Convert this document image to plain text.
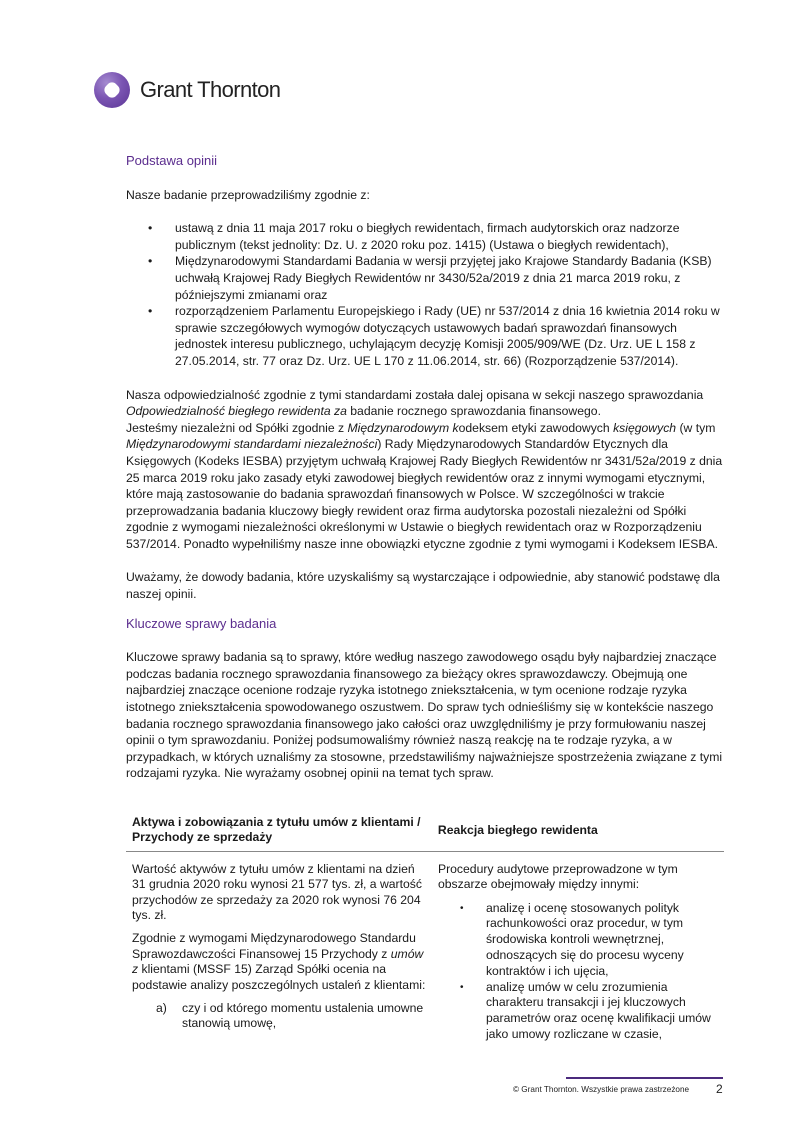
Grant Thornton
Podstawa opinii

Nasze badanie przeprowadziliśmy zgodnie z:

• ustawą z dnia 11 maja 2017 roku o biegłych rewidentach, firmach audytorskich oraz nadzorze publicznym (tekst jednolity: Dz. U. z 2020 roku poz. 1415) (Ustawa o biegłych rewidentach),
• Międzynarodowymi Standardami Badania w wersji przyjętej jako Krajowe Standardy Badania (KSB) uchwałą Krajowej Rady Biegłych Rewidentów nr 3430/52a/2019 z dnia 21 marca 2019 roku, z późniejszymi zmianami oraz
• rozporządzeniem Parlamentu Europejskiego i Rady (UE) nr 537/2014 z dnia 16 kwietnia 2014 roku w sprawie szczegółowych wymogów dotyczących ustawowych badań sprawozdań finansowych jednostek interesu publicznego, uchylającym decyzję Komisji 2005/909/WE (Dz. Urz. UE L 158 z 27.05.2014, str. 77 oraz Dz. Urz. UE L 170 z 11.06.2014, str. 66) (Rozporządzenie 537/2014).

Nasza odpowiedzialność zgodnie z tymi standardami została dalej opisana w sekcji naszego sprawozdania Odpowiedzialność biegłego rewidenta za badanie rocznego sprawozdania finansowego.

Jesteśmy niezależni od Spółki zgodnie z Międzynarodowym kodeksem etyki zawodowych księgowych (w tym Międzynarodowymi standardami niezależności) Rady Międzynarodowych Standardów Etycznych dla Księgowych (Kodeks IESBA) przyjętym uchwałą Krajowej Rady Biegłych Rewidentów nr 3431/52a/2019 z dnia 25 marca 2019 roku jako zasady etyki zawodowej biegłych rewidentów oraz z innymi wymogami etycznymi, które mają zastosowanie do badania sprawozdań finansowych w Polsce. W szczególności w trakcie przeprowadzania badania kluczowy biegły rewident oraz firma audytorska pozostali niezależni od Spółki zgodnie z wymogami niezależności określonymi w Ustawie o biegłych rewidentach oraz w Rozporządzeniu 537/2014. Ponadto wypełniliśmy nasze inne obowiązki etyczne zgodnie z tymi wymogami i Kodeksem IESBA.

Uważamy, że dowody badania, które uzyskaliśmy są wystarczające i odpowiednie, aby stanowić podstawę dla naszej opinii.

Kluczowe sprawy badania

Kluczowe sprawy badania są to sprawy, które według naszego zawodowego osądu były najbardziej znaczące podczas badania rocznego sprawozdania finansowego za bieżący okres sprawozdawczy. Obejmują one najbardziej znaczące ocenione rodzaje ryzyka istotnego zniekształcenia, w tym ocenione rodzaje ryzyka istotnego zniekształcenia spowodowanego oszustwem. Do spraw tych odnieśliśmy się w kontekście naszego badania rocznego sprawozdania finansowego jako całości oraz uwzględniliśmy je przy formułowaniu naszej opinii o tym sprawozdaniu. Poniżej podsumowaliśmy również naszą reakcję na te rodzaje ryzyka, a w przypadkach, w których uznaliśmy za stosowne, przedstawiliśmy najważniejsze spostrzeżenia związane z tymi rodzajami ryzyka. Nie wyrażamy osobnej opinii na temat tych spraw.

Aktywa i zobowiązania z tytułu umów z klientami / Przychody ze sprzedaży
Reakcja biegłego rewidenta

Wartość aktywów z tytułu umów z klientami na dzień 31 grudnia 2020 roku wynosi 21 577 tys. zł, a wartość przychodów ze sprzedaży za 2020 rok wynosi 76 204 tys. zł.

Zgodnie z wymogami Międzynarodowego Standardu Sprawozdawczości Finansowej 15 Przychody z umów z klientami (MSSF 15) Zarząd Spółki ocenia na podstawie analizy poszczególnych ustaleń z klientami:

a) czy i od którego momentu ustalenia umowne stanowią umowę,

Procedury audytowe przeprowadzone w tym obszarze obejmowały między innymi:

• analizę i ocenę stosowanych polityk rachunkowości oraz procedur, w tym środowiska kontroli wewnętrznej, odnoszących się do procesu wyceny kontraktów i ich ujęcia,
• analizę umów w celu zrozumienia charakteru transakcji i jej kluczowych parametrów oraz ocenę kwalifikacji umów jako umowy rozliczane w czasie,
© Grant Thornton. Wszystkie prawa zastrzeżone 2
